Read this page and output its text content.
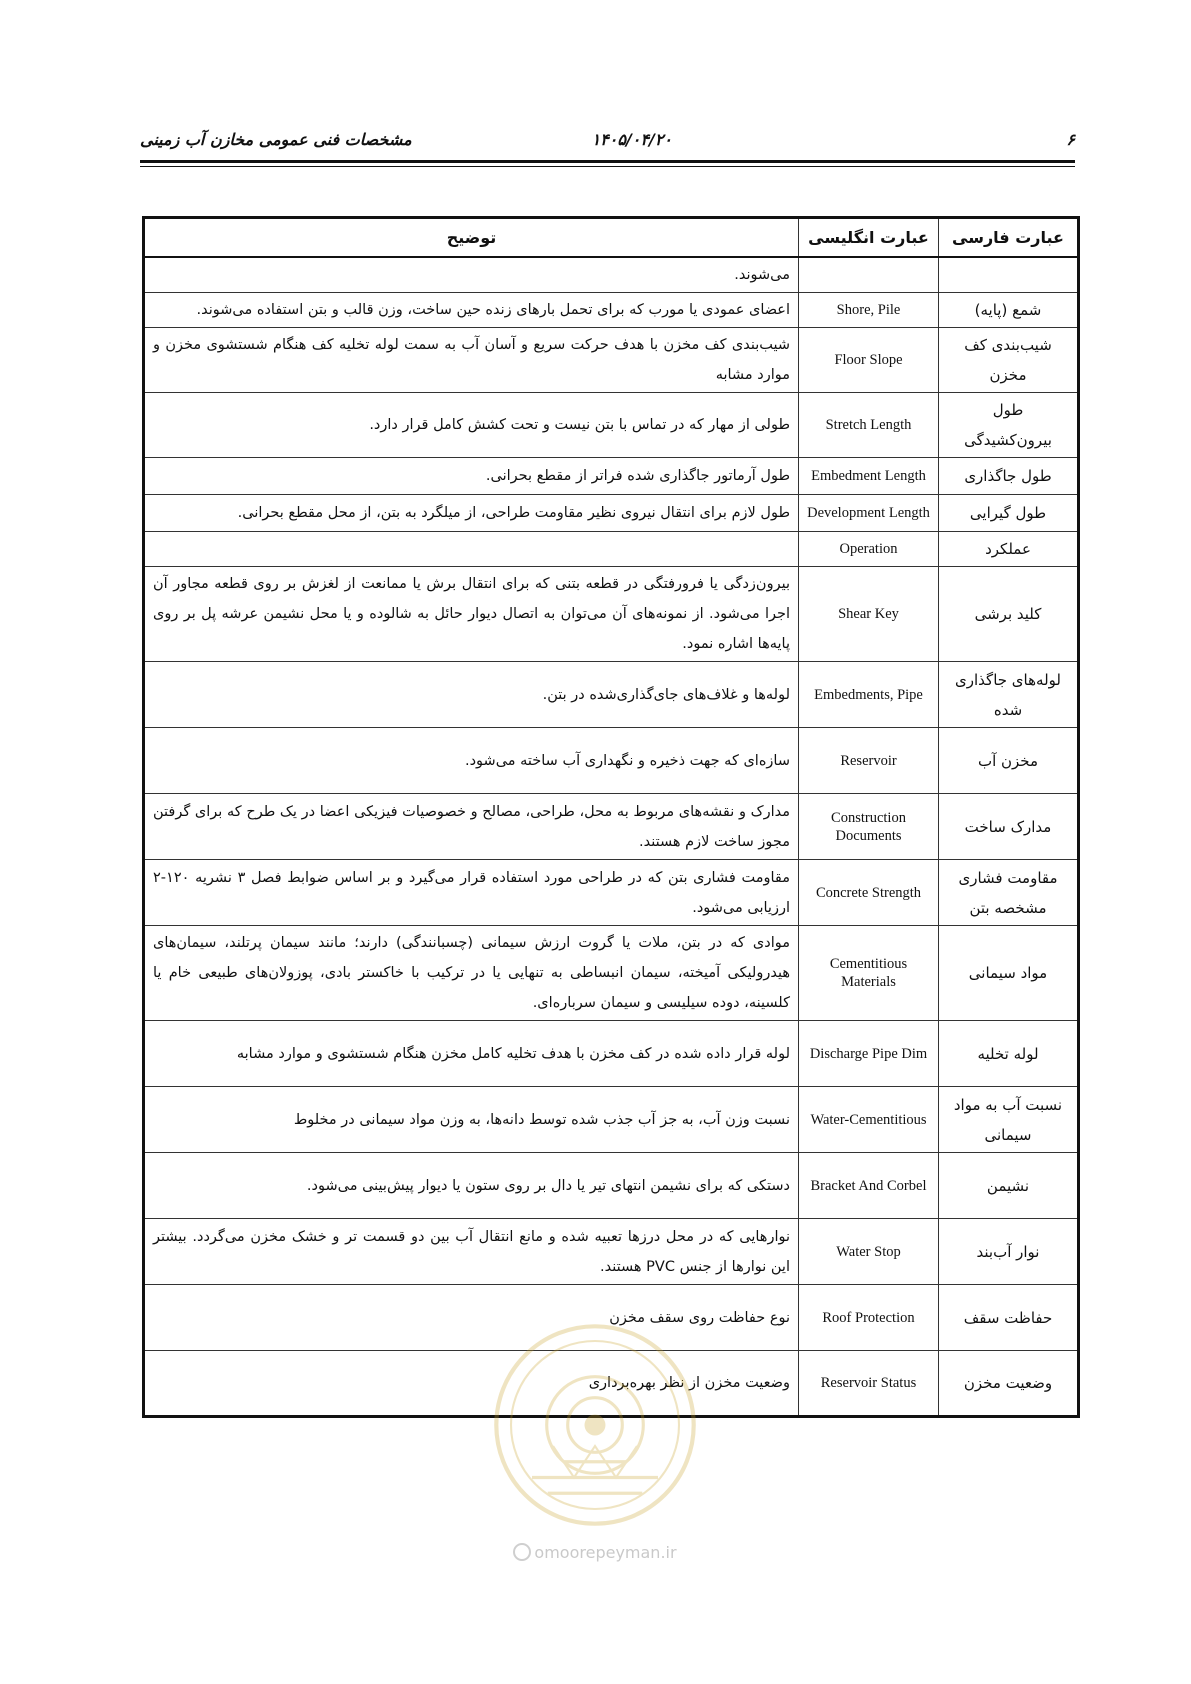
۶
۱۴۰۵/۰۴/۲۰
مشخصات فنی عمومی مخازن آب زمینی
عبارت فارسی	عبارت انگلیسی	توضیح
		می‌شوند.
شمع (پایه)	Shore, Pile	اعضای عمودی یا مورب که برای تحمل بارهای زنده حین ساخت، وزن قالب و بتن استفاده می‌شوند.
شیب‌بندی کف مخزن	Floor Slope	شیب‌بندی کف مخزن با هدف حرکت سریع و آسان آب به سمت لوله تخلیه کف هنگام شستشوی مخزن و موارد مشابه
طول بیرون‌کشیدگی	Stretch Length	طولی از مهار که در تماس با بتن نیست و تحت کشش کامل قرار دارد.
طول جاگذاری	Embedment Length	طول آرماتور جاگذاری شده فراتر از مقطع بحرانی.
طول گیرایی	Development Length	طول لازم برای انتقال نیروی نظیر مقاومت طراحی، از میلگرد به بتن، از محل مقطع بحرانی.
عملکرد	Operation	
کلید برشی	Shear Key	بیرون‌زدگی یا فرورفتگی در قطعه بتنی که برای انتقال برش یا ممانعت از لغزش بر روی قطعه مجاور آن اجرا می‌شود. از نمونه‌های آن می‌توان به اتصال دیوار حائل به شالوده و یا محل نشیمن عرشه پل بر روی پایه‌ها اشاره نمود.
لوله‌های جاگذاری شده	Embedments, Pipe	لوله‌ها و غلاف‌های جای‌گذاری‌شده در بتن.
مخزن آب	Reservoir	سازه‌ای که جهت ذخیره و نگهداری آب ساخته می‌شود.
مدارک ساخت	Construction Documents	مدارک و نقشه‌های مربوط به محل، طراحی، مصالح و خصوصیات فیزیکی اعضا در یک طرح که برای گرفتن مجوز ساخت لازم هستند.
مقاومت فشاری مشخصه بتن	Concrete Strength	مقاومت فشاری بتن که در طراحی مورد استفاده قرار می‌گیرد و بر اساس ضوابط فصل ۳ نشریه ۱۲۰-۲ ارزیابی می‌شود.
مواد سیمانی	Cementitious Materials	موادی که در بتن، ملات یا گروت ارزش سیمانی (چسبانندگی) دارند؛ مانند سیمان پرتلند، سیمان‌های هیدرولیکی آمیخته، سیمان انبساطی به تنهایی یا در ترکیب با خاکستر بادی، پوزولان‌های طبیعی خام یا کلسینه، دوده سیلیسی و سیمان سرباره‌ای.
لوله تخلیه	Discharge Pipe Dim	لوله قرار داده شده در کف مخزن با هدف تخلیه کامل مخزن هنگام شستشوی و موارد مشابه
نسبت آب به مواد سیمانی	Water-Cementitious	نسبت وزن آب، به جز آب جذب شده توسط دانه‌ها، به وزن مواد سیمانی در مخلوط
نشیمن	Bracket And Corbel	دستکی که برای نشیمن انتهای تیر یا دال بر روی ستون یا دیوار پیش‌بینی می‌شود.
نوار آب‌بند	Water Stop	نوارهایی که در محل درزها تعبیه شده و مانع انتقال آب بین دو قسمت تر و خشک مخزن می‌گردد. بیشتر این نوارها از جنس PVC هستند.
حفاظت سقف	Roof Protection	نوع حفاظت روی سقف مخزن
وضعیت مخزن	Reservoir Status	وضعیت مخزن از نظر بهره‌برداری
omoorepeyman.ir
